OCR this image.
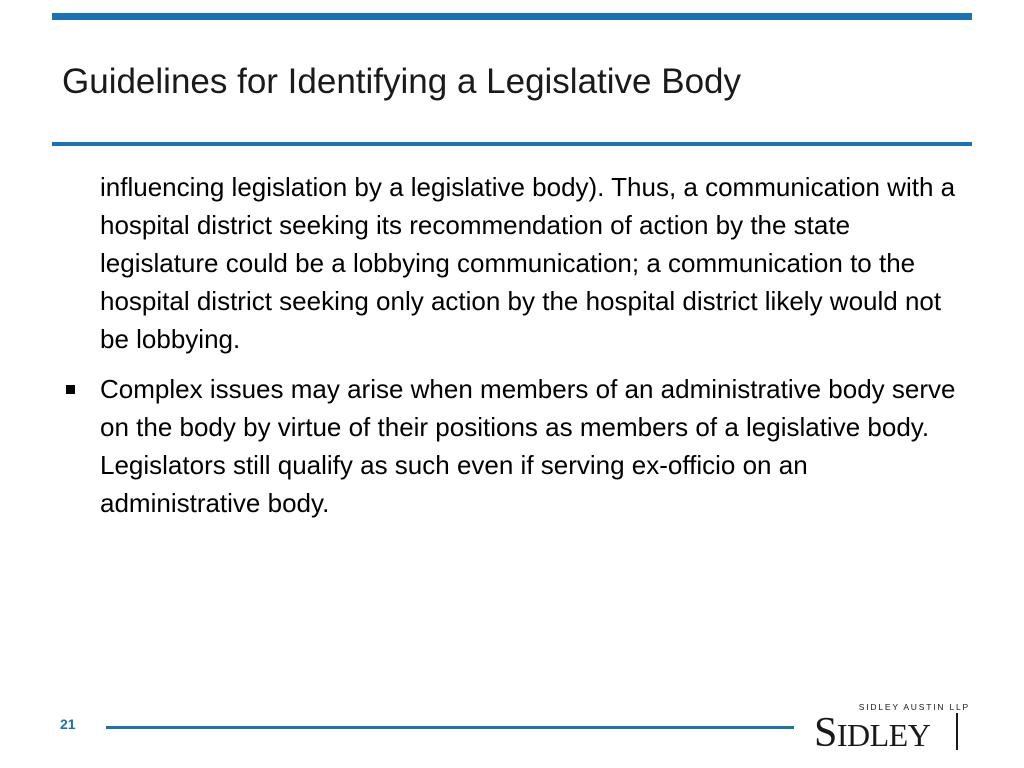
Guidelines for Identifying a Legislative Body
influencing legislation by a legislative body). Thus, a communication with a hospital district seeking its recommendation of action by the state legislature could be a lobbying communication; a communication to the hospital district seeking only action by the hospital district likely would not be lobbying.
Complex issues may arise when members of an administrative body serve on the body by virtue of their positions as members of a legislative body. Legislators still qualify as such even if serving ex-officio on an administrative body.
21
SIDLEY AUSTIN LLP
SIDLEY
